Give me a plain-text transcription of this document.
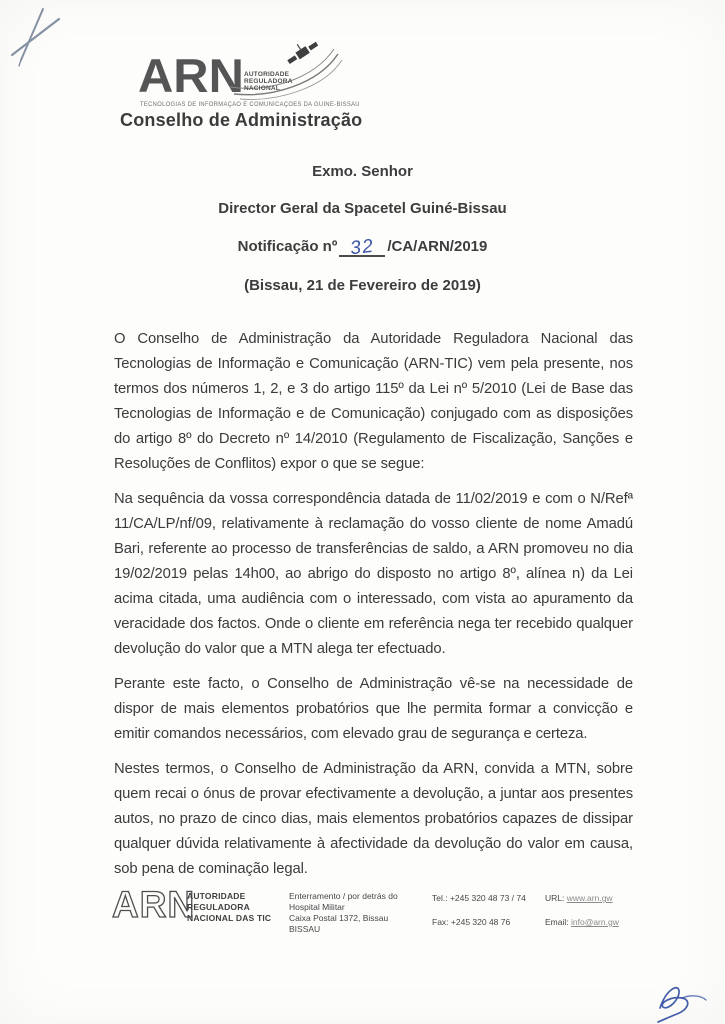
ARN AUTORIDADE
REGULADORA
NACIONAL
TECNOLOGIAS DE INFORMAÇÃO E COMUNICAÇÕES DA GUINÉ-BISSAU
Conselho de Administração

Exmo. Senhor

Director Geral da Spacetel Guiné-Bissau

Notificação nº 32 /CA/ARN/2019

(Bissau, 21 de Fevereiro de 2019)

O Conselho de Administração da Autoridade Reguladora Nacional das Tecnologias de Informação e Comunicação (ARN-TIC) vem pela presente, nos termos dos números 1, 2, e 3 do artigo 115º da Lei nº 5/2010 (Lei de Base das Tecnologias de Informação e de Comunicação) conjugado com as disposições do artigo 8º do Decreto nº 14/2010 (Regulamento de Fiscalização, Sanções e Resoluções de Conflitos) expor o que se segue:

Na sequência da vossa correspondência datada de 11/02/2019 e com o N/Refª 11/CA/LP/nf/09, relativamente à reclamação do vosso cliente de nome Amadú Bari, referente ao processo de transferências de saldo, a ARN promoveu no dia 19/02/2019 pelas 14h00, ao abrigo do disposto no artigo 8º, alínea n) da Lei acima citada, uma audiência com o interessado, com vista ao apuramento da veracidade dos factos. Onde o cliente em referência nega ter recebido qualquer devolução do valor que a MTN alega ter efectuado.

Perante este facto, o Conselho de Administração vê-se na necessidade de dispor de mais elementos probatórios que lhe permita formar a convicção e emitir comandos necessários, com elevado grau de segurança e certeza.

Nestes termos, o Conselho de Administração da ARN, convida a MTN, sobre quem recai o ónus de provar efectivamente a devolução, a juntar aos presentes autos, no prazo de cinco dias, mais elementos probatórios capazes de dissipar qualquer dúvida relativamente à afectividade da devolução do valor em causa, sob pena de cominação legal.

ARN
AUTORIDADE
REGULADORA
NACIONAL DAS TIC
Enterramento / por detrás do
Hospital Militar
Caixa Postal 1372, Bissau
BISSAU
Tel.: +245 320 48 73 / 74
Fax: +245 320 48 76
URL: www.arn.gw
Email: info@arn.gw
